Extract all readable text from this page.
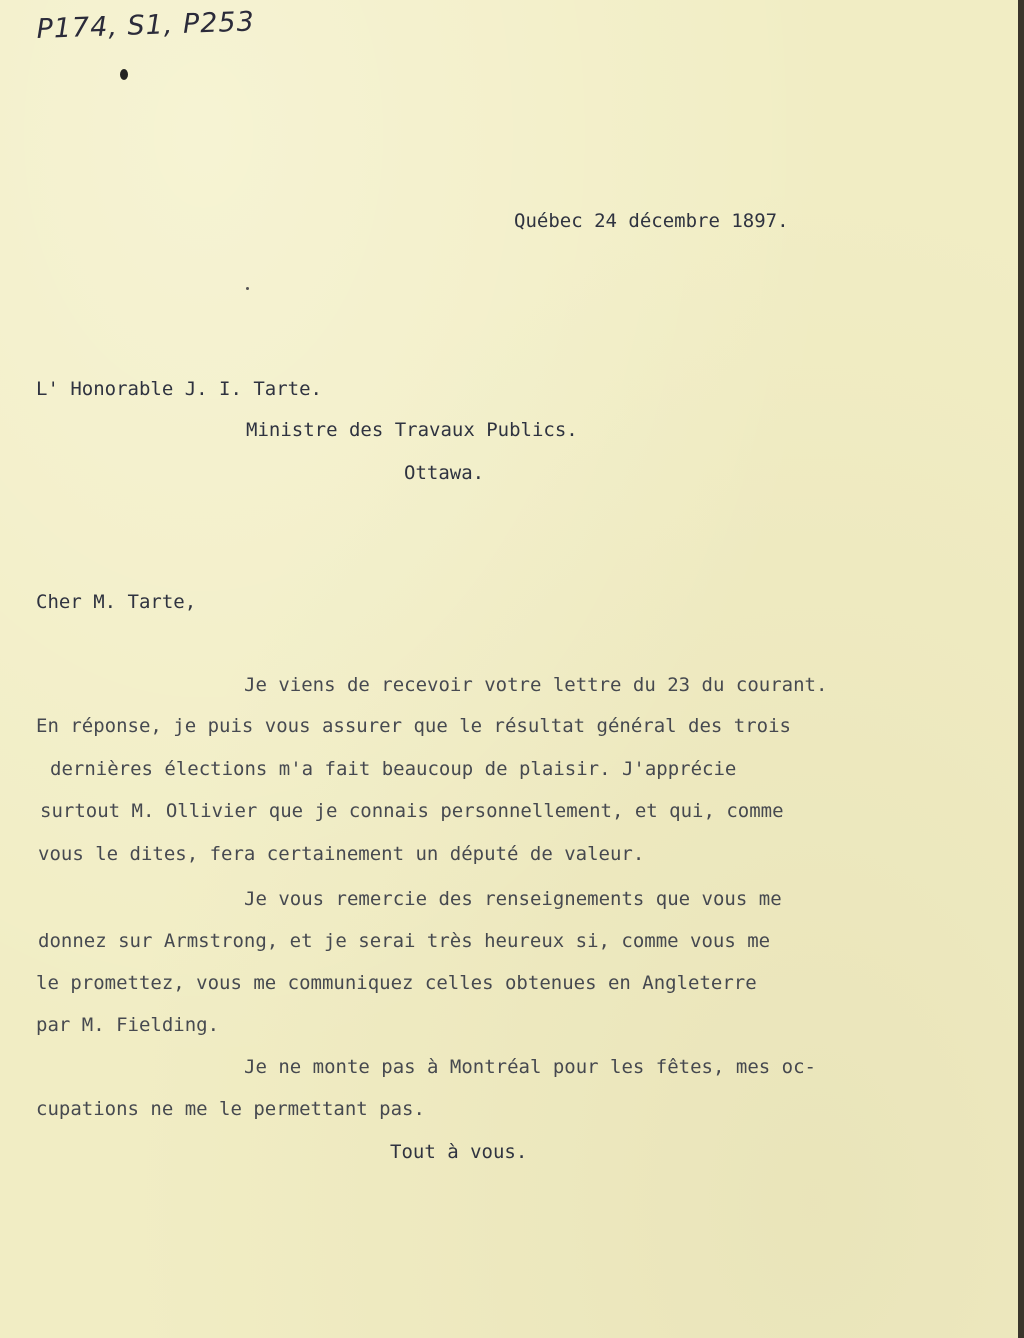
P174, S1, P253
Québec 24 décembre 1897.
L' Honorable J. I. Tarte.
Ministre des Travaux Publics.
Ottawa.
Cher M. Tarte,
Je viens de recevoir votre lettre du 23 du courant.
En réponse, je puis vous assurer que le résultat général des trois
dernières élections m'a fait beaucoup de plaisir. J'apprécie
surtout M. Ollivier que je connais personnellement, et qui, comme
vous le dites, fera certainement un député de valeur.
Je vous remercie des renseignements que vous me
donnez sur Armstrong, et je serai très heureux si, comme vous me
le promettez, vous me communiquez celles obtenues en Angleterre
par M. Fielding.
Je ne monte pas à Montréal pour les fêtes, mes oc-
cupations ne me le permettant pas.
Tout à vous.
